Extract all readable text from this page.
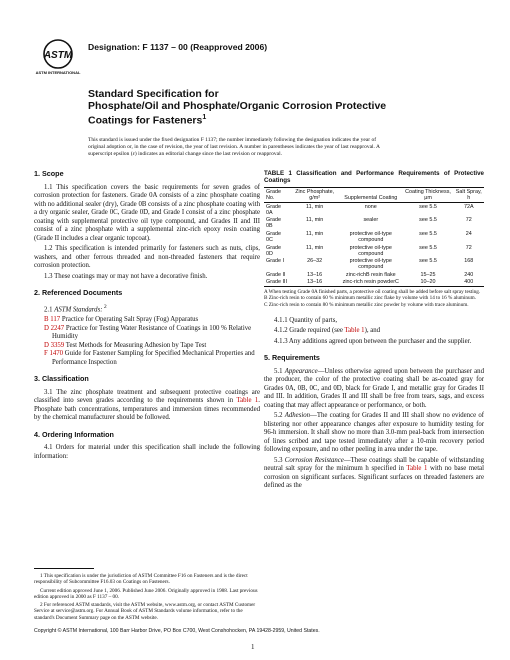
ASTM
ASTM INTERNATIONAL
Designation: F 1137 – 00 (Reapproved 2006)
Standard Specification for
Phosphate/Oil and Phosphate/Organic Corrosion Protective
Coatings for Fasteners$^1$

This standard is issued under the fixed designation F 1137; the number immediately following the designation indicates the year of

original adoption or, in the case of revision, the year of last revision. A number in parentheses indicates the year of last reapproval. A

superscript epsilon (ε) indicates an editorial change since the last revision or reapproval.

1. Scope

1.1 This specification covers the basic requirements for seven grades of corrosion protection for fasteners. Grade 0A consists of a zinc phosphate coating with no additional sealer (dry), Grade 0B consists of a zinc phosphate coating with a dry organic sealer, Grade 0C, Grade 0D, and Grade I consist of a zinc phosphate coating with supplemental protective oil type compound, and Grades II and III consist of a zinc phosphate with a supplemental zinc-rich epoxy resin coating (Grade II includes a clear organic topcoat).

1.2 This specification is intended primarily for fasteners such as nuts, clips, washers, and other ferrous threaded and non-threaded fasteners that require corrosion protection.

1.3 These coatings may or may not have a decorative finish.

2. Referenced Documents

2.1 ASTM Standards: $^2$

B 117 Practice for Operating Salt Spray (Fog) Apparatus

D 2247 Practice for Testing Water Resistance of Coatings in 100 % Relative Humidity

D 3359 Test Methods for Measuring Adhesion by Tape Test

F 1470 Guide for Fastener Sampling for Specified Mechanical Properties and Performance Inspection

3. Classification

3.1 The zinc phosphate treatment and subsequent protective coatings are classified into seven grades according to the requirements shown in Table 1. Phosphate bath concentrations, temperatures and immersion times recommended by the chemical manufacturer should be followed.

4. Ordering Information

4.1 Orders for material under this specification shall include the following information:

1 This specification is under the jurisdiction of ASTM Committee F16 on Fasteners and is the direct responsibility of Subcommittee F16.03 on Coatings on Fasteners.

Current edition approved June 1, 2006. Published June 2006. Originally approved in 1988. Last previous edition approved in 2000 as F 1137 – 00.

2 For referenced ASTM standards, visit the ASTM website, www.astm.org, or contact ASTM Customer Service at service@astm.org. For Annual Book of ASTM Standards volume information, refer to the standard's Document Summary page on the ASTM website.

TABLE 1 Classification and Performance Requirements of Protective Coatings
Grade No.	Zinc Phosphate, g/m²	Supplemental Coating	Coating Thickness, μm	Salt Spray, h
Grade 0A	11, min	none	see 5.5	72A
Grade 0B	11, min	sealer	see 5.5	72
Grade 0C	11, min	protective oil-type compound	see 5.5	24
Grade 0D	11, min	protective oil-type compound	see 5.5	72
Grade I	26–32	protective oil-type compound	see 5.5	168
Grade II	13–16	zinc-richB resin flake	15–25	240
Grade III	13–16	zinc-rich resin powderC	10–20	400

A When testing Grade 0A finished parts, a protective oil coating shall be added before salt spray testing.

B Zinc-rich resin to contain 60 % minimum metallic zinc flake by volume with 14 to 16 % aluminum.

C Zinc-rich resin to contain 80 % minimum metallic zinc powder by volume with trace aluminum.

4.1.1 Quantity of parts,

4.1.2 Grade required (see Table 1), and

4.1.3 Any additions agreed upon between the purchaser and the supplier.

5. Requirements

5.1 Appearance—Unless otherwise agreed upon between the purchaser and the producer, the color of the protective coating shall be as-coated gray for Grades 0A, 0B, 0C, and 0D, black for Grade I, and metallic gray for Grades II and III. In addition, Grades II and III shall be free from tears, sags, and excess coating that may affect appearance or performance, or both.

5.2 Adhesion—The coating for Grades II and III shall show no evidence of blistering nor other appearance changes after exposure to humidity testing for 96-h immersion. It shall show no more than 3.0-mm peal-back from intersection of lines scribed and tape tested immediately after a 10-min recovery period following exposure, and no other peeling in area under the tape.

5.3 Corrosion Resistance—These coatings shall be capable of withstanding neutral salt spray for the minimum h specified in Table 1 with no base metal corrosion on significant surfaces. Significant surfaces on threaded fasteners are defined as the

Copyright © ASTM International, 100 Barr Harbor Drive, PO Box C700, West Conshohocken, PA 19428-2959, United States.
1
